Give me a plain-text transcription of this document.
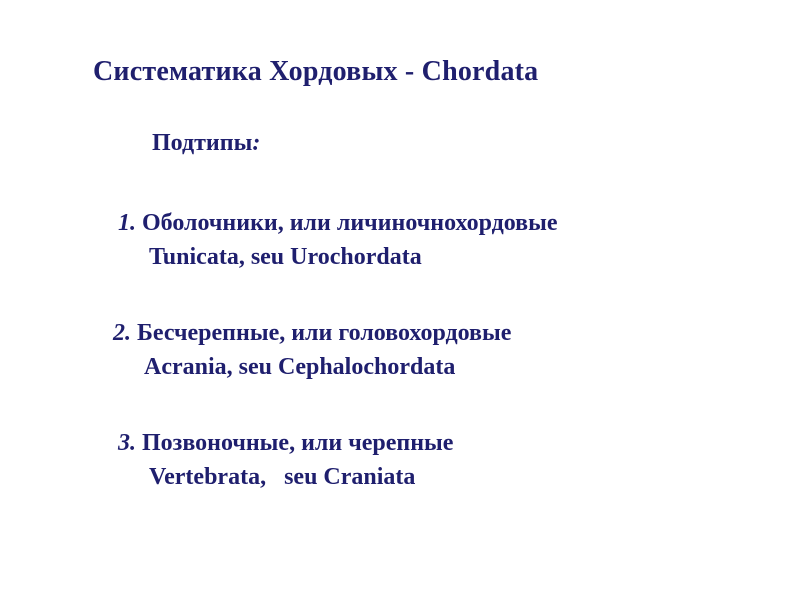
Систематика Хордовых - Chordata
Подтипы:
1. Оболочники, или личиночнохордовые
Tunicata, seu Urochordata
2. Бесчерепные, или головохордовые
Acrania, seu Cephalochordata
3. Позвоночные, или черепные
Vertebrata,   seu Craniata
